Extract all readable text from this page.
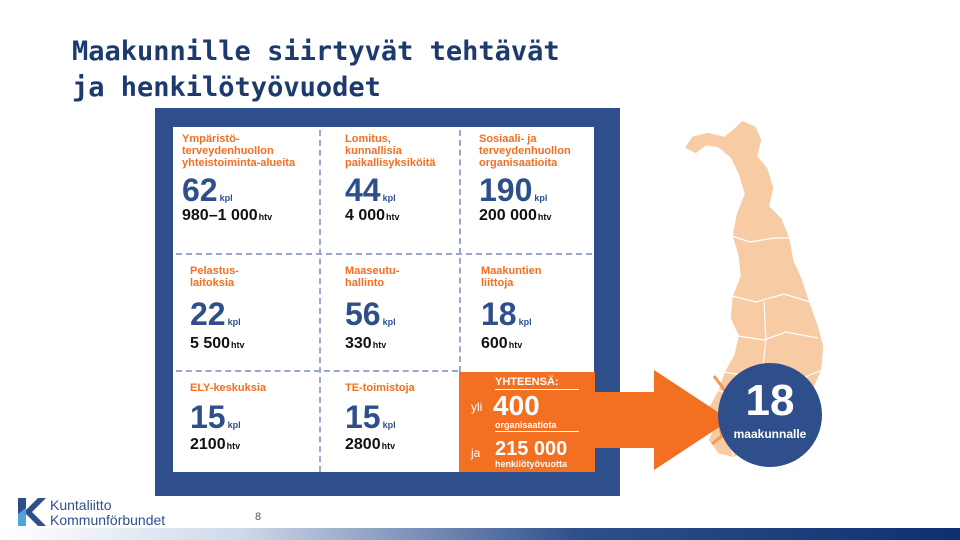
Maakunnille siirtyvät tehtävät
ja henkilötyövuodet
Ympäristö-
terveydenhuollon
yhteistoiminta-alueita
62 kpl
980–1 000htv
Lomitus,
kunnallisia
paikallisyksiköitä
44 kpl
4 000htv
Sosiaali- ja
terveydenhuollon
organisaatioita
190 kpl
200 000htv
Pelastus-
laitoksia
22 kpl
5 500htv
Maaseutu-
hallinto
56 kpl
330htv
Maakuntien
liittoja
18 kpl
600htv
ELY-keskuksia
15 kpl
2100htv
TE-toimistoja
15 kpl
2800htv
YHTEENSÄ:
yli 400
organisaatiota
ja 215 000
henkilötyövuotta
18
maakunnalle
Kuntaliitto
Kommunförbundet	8
